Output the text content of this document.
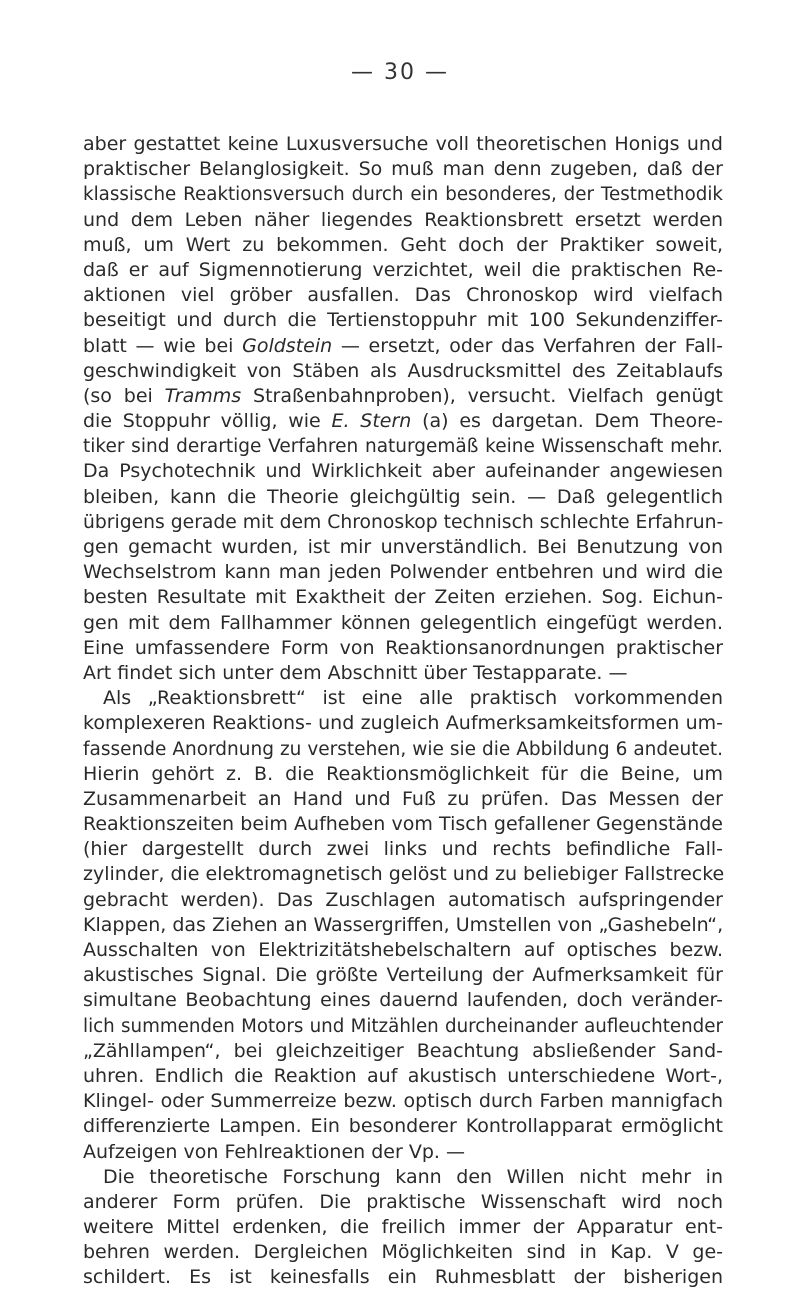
— 30 —
aber gestattet keine Luxusversuche voll theoretischen Honigs und
praktischer Belanglosigkeit. So muß man denn zugeben, daß der
klassische Reaktionsversuch durch ein besonderes, der Testmethodik
und dem Leben näher liegendes Reaktionsbrett ersetzt werden
muß, um Wert zu bekommen. Geht doch der Praktiker soweit,
daß er auf Sigmennotierung verzichtet, weil die praktischen Re-
aktionen viel gröber ausfallen. Das Chronoskop wird vielfach
beseitigt und durch die Tertienstoppuhr mit 100 Sekundenziffer-
blatt — wie bei Goldstein — ersetzt, oder das Verfahren der Fall-
geschwindigkeit von Stäben als Ausdrucksmittel des Zeitablaufs
(so bei Tramms Straßenbahnproben), versucht. Vielfach genügt
die Stoppuhr völlig, wie E. Stern (a) es dargetan. Dem Theore-
tiker sind derartige Verfahren naturgemäß keine Wissenschaft mehr.
Da Psychotechnik und Wirklichkeit aber aufeinander angewiesen
bleiben, kann die Theorie gleichgültig sein. — Daß gelegentlich
übrigens gerade mit dem Chronoskop technisch schlechte Erfahrun-
gen gemacht wurden, ist mir unverständlich. Bei Benutzung von
Wechselstrom kann man jeden Polwender entbehren und wird die
besten Resultate mit Exaktheit der Zeiten erziehen. Sog. Eichun-
gen mit dem Fallhammer können gelegentlich eingefügt werden.
Eine umfassendere Form von Reaktionsanordnungen praktischer
Art findet sich unter dem Abschnitt über Testapparate. —
Als „Reaktionsbrett“ ist eine alle praktisch vorkommenden
komplexeren Reaktions- und zugleich Aufmerksamkeitsformen um-
fassende Anordnung zu verstehen, wie sie die Abbildung 6 andeutet.
Hierin gehört z. B. die Reaktionsmöglichkeit für die Beine, um
Zusammenarbeit an Hand und Fuß zu prüfen. Das Messen der
Reaktionszeiten beim Aufheben vom Tisch gefallener Gegenstände
(hier dargestellt durch zwei links und rechts befindliche Fall-
zylinder, die elektromagnetisch gelöst und zu beliebiger Fallstrecke
gebracht werden). Das Zuschlagen automatisch aufspringender
Klappen, das Ziehen an Wassergriffen, Umstellen von „Gashebeln“,
Ausschalten von Elektrizitätshebelschaltern auf optisches bezw.
akustisches Signal. Die größte Verteilung der Aufmerksamkeit für
simultane Beobachtung eines dauernd laufenden, doch veränder-
lich summenden Motors und Mitzählen durcheinander aufleuchtender
„Zähllampen“, bei gleichzeitiger Beachtung absließender Sand-
uhren. Endlich die Reaktion auf akustisch unterschiedene Wort-,
Klingel- oder Summerreize bezw. optisch durch Farben mannigfach
differenzierte Lampen. Ein besonderer Kontrollapparat ermöglicht
Aufzeigen von Fehlreaktionen der Vp. —
Die theoretische Forschung kann den Willen nicht mehr in
anderer Form prüfen. Die praktische Wissenschaft wird noch
weitere Mittel erdenken, die freilich immer der Apparatur ent-
behren werden. Dergleichen Möglichkeiten sind in Kap. V ge-
schildert. Es ist keinesfalls ein Ruhmesblatt der bisherigen
